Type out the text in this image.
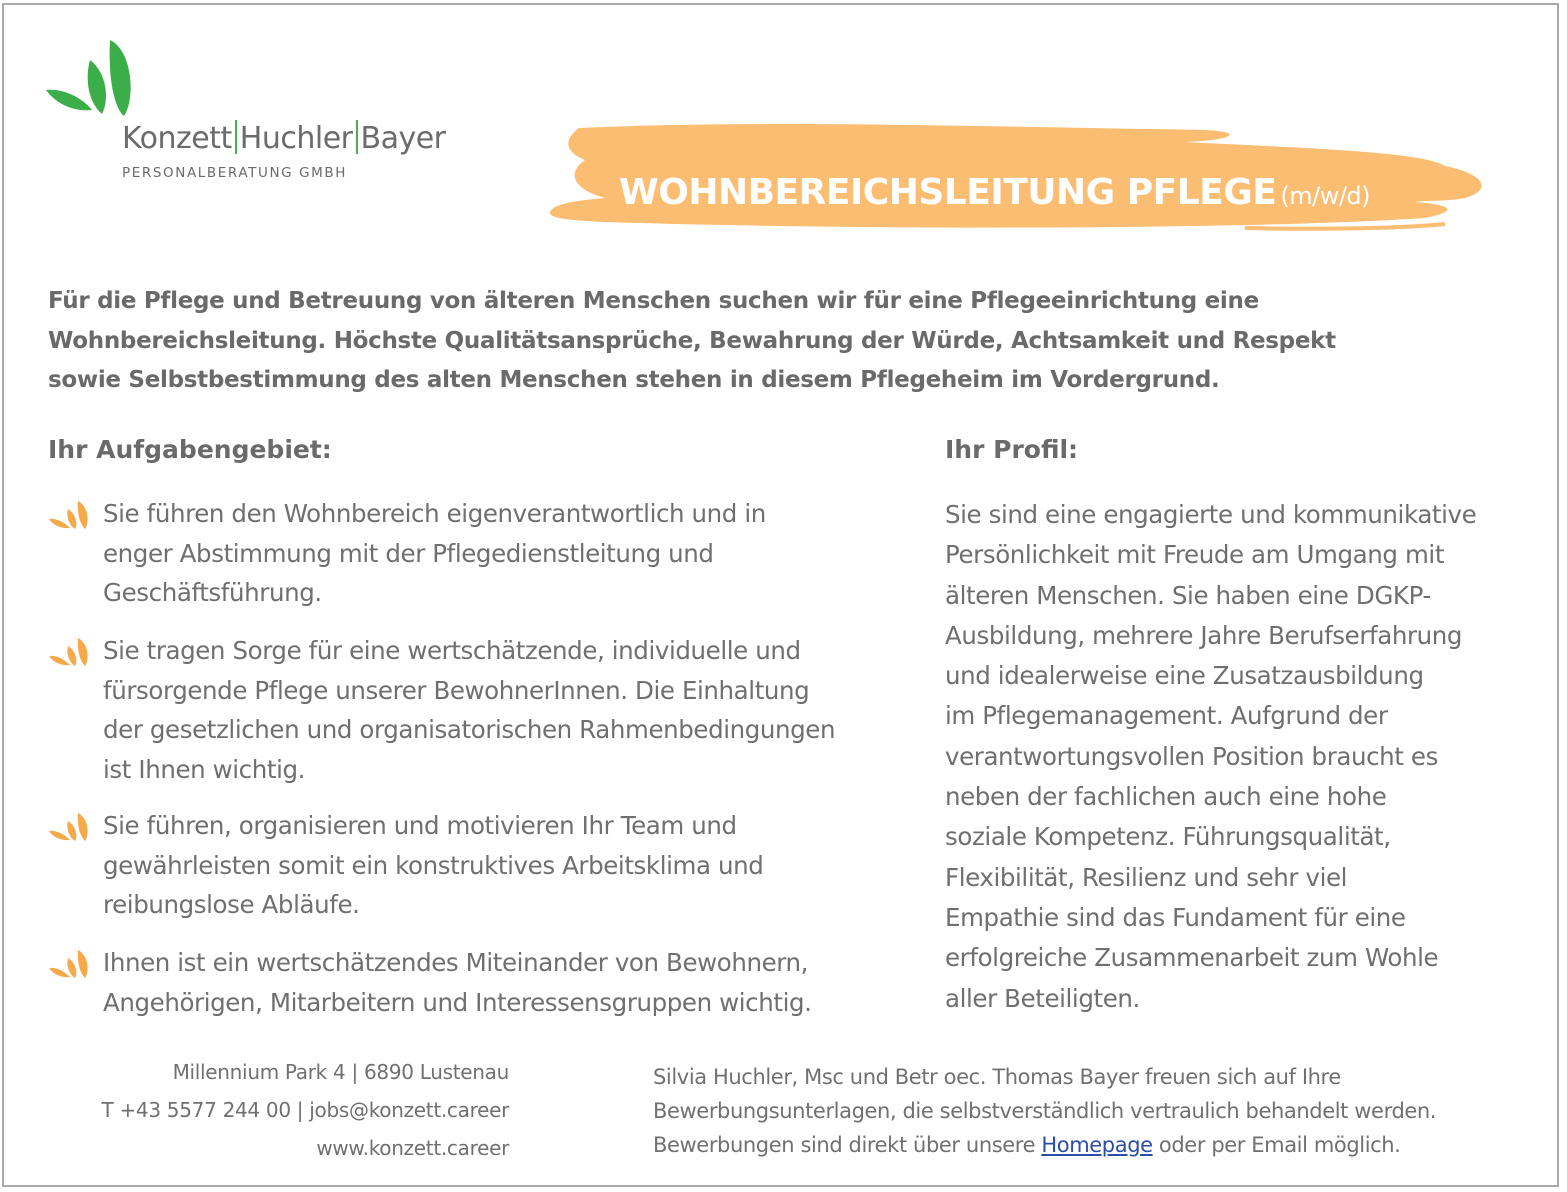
Konzett Huchler Bayer
PERSONALBERATUNG GMBH	WOHNBEREICHSLEITUNG PFLEGE (m/w/d)

Für die Pflege und Betreuung von älteren Menschen suchen wir für eine Pflegeeinrichtung eine

Wohnbereichsleitung. Höchste Qualitätsansprüche, Bewahrung der Würde, Achtsamkeit und Respekt

sowie Selbstbestimmung des alten Menschen stehen in diesem Pflegeheim im Vordergrund.

Ihr Aufgabengebiet:	Ihr Profil:
Sie führen den Wohnbereich eigenverantwortlich und in
enger Abstimmung mit der Pflegedienstleitung und
Geschäftsführung.
Sie tragen Sorge für eine wertschätzende, individuelle und
fürsorgende Pflege unserer BewohnerInnen. Die Einhaltung
der gesetzlichen und organisatorischen Rahmenbedingungen
ist Ihnen wichtig.
Sie führen, organisieren und motivieren Ihr Team und
gewährleisten somit ein konstruktives Arbeitsklima und
reibungslose Abläufe.
Ihnen ist ein wertschätzendes Miteinander von Bewohnern,
Angehörigen, Mitarbeitern und Interessensgruppen wichtig.
Sie sind eine engagierte und kommunikative
Persönlichkeit mit Freude am Umgang mit
älteren Menschen. Sie haben eine DGKP-
Ausbildung, mehrere Jahre Berufserfahrung
und idealerweise eine Zusatzausbildung
im Pflegemanagement. Aufgrund der
verantwortungsvollen Position braucht es
neben der fachlichen auch eine hohe
soziale Kompetenz. Führungsqualität,
Flexibilität, Resilienz und sehr viel
Empathie sind das Fundament für eine
erfolgreiche Zusammenarbeit zum Wohle
aller Beteiligten.
Millennium Park 4 | 6890 Lustenau
T +43 5577 244 00 | jobs@konzett.career
www.konzett.career
Silvia Huchler, Msc und Betr oec. Thomas Bayer freuen sich auf Ihre
Bewerbungsunterlagen, die selbstverständlich vertraulich behandelt werden.
Bewerbungen sind direkt über unsere Homepage oder per Email möglich.
